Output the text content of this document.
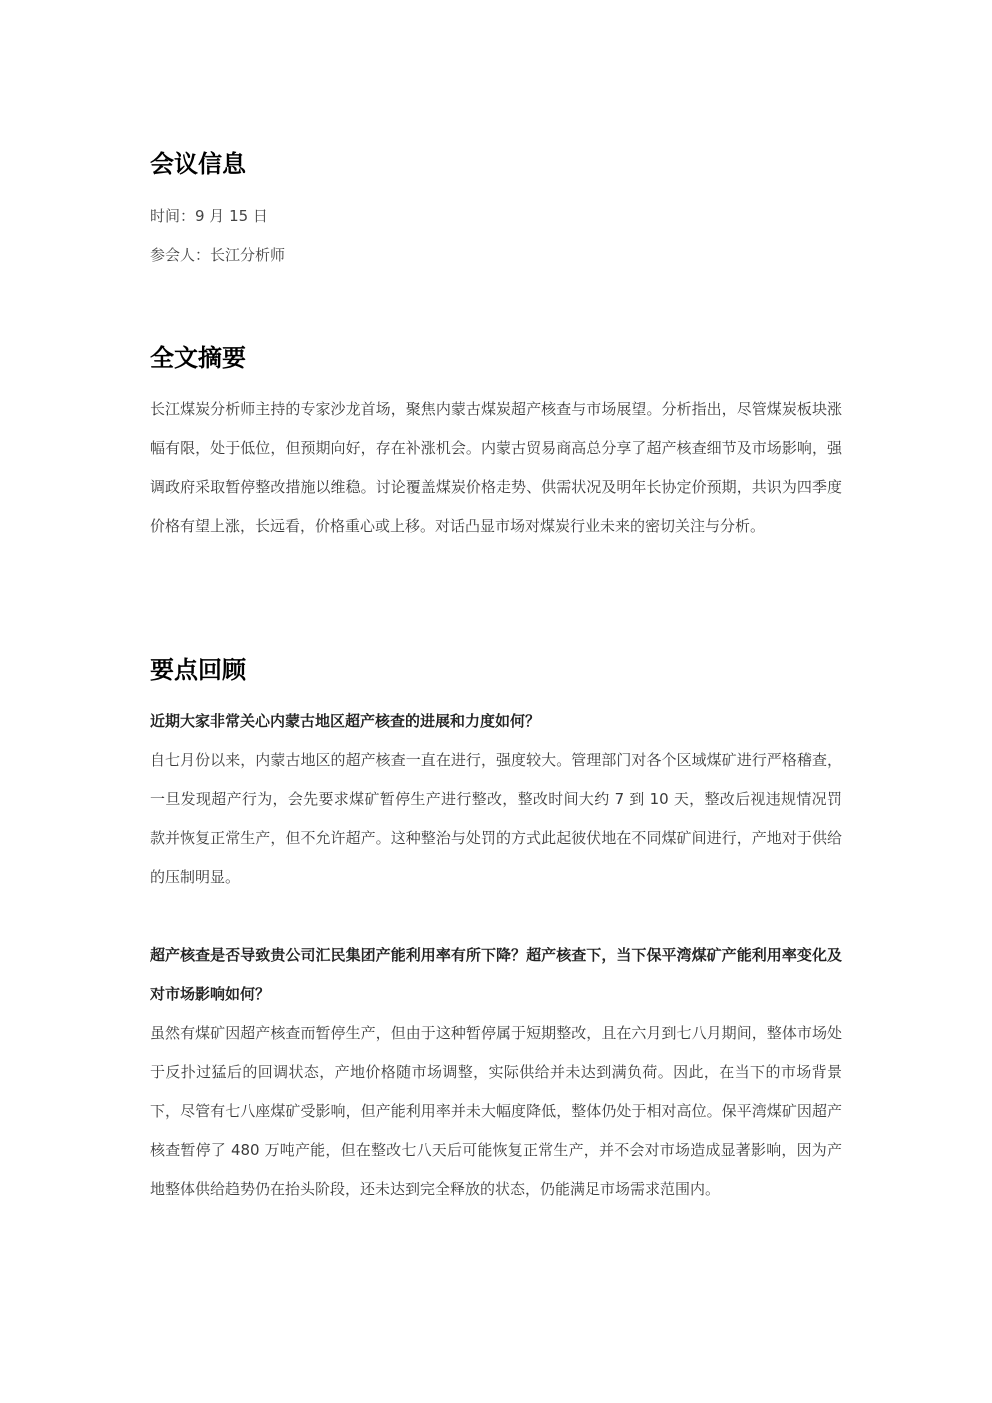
会议信息
时间：9 月 15 日
参会人：长江分析师
全文摘要
长江煤炭分析师主持的专家沙龙首场，聚焦内蒙古煤炭超产核查与市场展望。分析指出，尽管煤炭板块涨幅有限，处于低位，但预期向好，存在补涨机会。内蒙古贸易商高总分享了超产核查细节及市场影响，强调政府采取暂停整改措施以维稳。讨论覆盖煤炭价格走势、供需状况及明年长协定价预期，共识为四季度价格有望上涨，长远看，价格重心或上移。对话凸显市场对煤炭行业未来的密切关注与分析。
要点回顾
近期大家非常关心内蒙古地区超产核查的进展和力度如何？
自七月份以来，内蒙古地区的超产核查一直在进行，强度较大。管理部门对各个区域煤矿进行严格稽查，一旦发现超产行为，会先要求煤矿暂停生产进行整改，整改时间大约 7 到 10 天，整改后视违规情况罚款并恢复正常生产，但不允许超产。这种整治与处罚的方式此起彼伏地在不同煤矿间进行，产地对于供给的压制明显。
超产核查是否导致贵公司汇民集团产能利用率有所下降？超产核查下，当下保平湾煤矿产能利用率变化及对市场影响如何？
虽然有煤矿因超产核查而暂停生产，但由于这种暂停属于短期整改，且在六月到七八月期间，整体市场处于反扑过猛后的回调状态，产地价格随市场调整，实际供给并未达到满负荷。因此，在当下的市场背景下，尽管有七八座煤矿受影响，但产能利用率并未大幅度降低，整体仍处于相对高位。保平湾煤矿因超产核查暂停了 480 万吨产能，但在整改七八天后可能恢复正常生产，并不会对市场造成显著影响，因为产地整体供给趋势仍在抬头阶段，还未达到完全释放的状态，仍能满足市场需求范围内。
